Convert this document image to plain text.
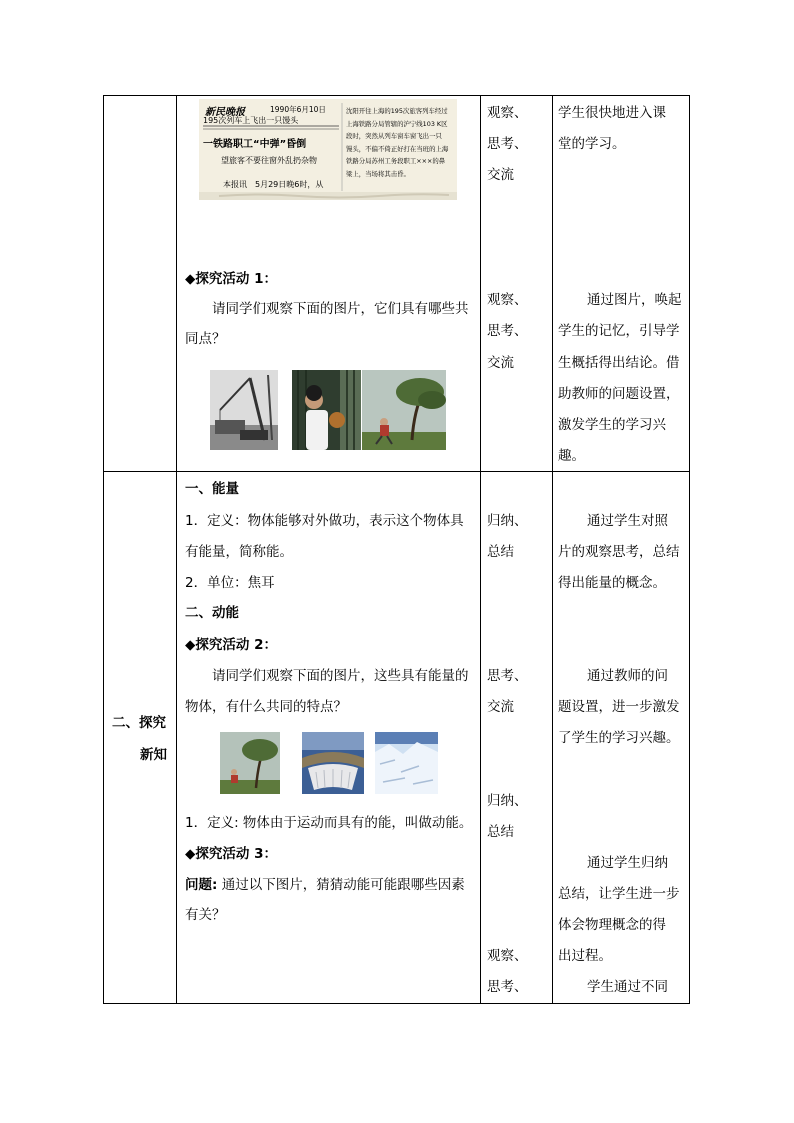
新民晚报	1990年6月10日
195次列车上飞出一只馒头
一铁路职工“中弹”昏倒
望旅客不要往窗外乱扔杂物
本报讯　5月29日晚6时，从
沈阳开往上海的195次旅客列车经过
上海铁路分局管辖的沪宁线103 K区
段时，突然从列车窗车窗飞出一只
馒头，不偏不倚正好打在当班的上海
铁路分局苏州工务段职工×××的鼻
梁上，当场将其击昏。
◆探究活动 1：
请同学们观察下面的图片，它们具有哪些共
同点？
观察、
思考、
交流
观察、
思考、
交流
学生很快地进入课
堂的学习。
通过图片，唤起
学生的记忆，引导学
生概括得出结论。借
助教师的问题设置，
激发学生的学习兴
趣。
二、探究
新知
一、能量
1．定义：物体能够对外做功，表示这个物体具
有能量，简称能。
2．单位：焦耳
二、动能
◆探究活动 2：
请同学们观察下面的图片，这些具有能量的
物体，有什么共同的特点？
1．定义: 物体由于运动而具有的能，叫做动能。
◆探究活动 3：
问题: 通过以下图片，猜猜动能可能跟哪些因素
有关？
归纳、
总结
思考、
交流
归纳、
总结
观察、
思考、
通过学生对照
片的观察思考，总结
得出能量的概念。
通过教师的问
题设置，进一步激发
了学生的学习兴趣。
通过学生归纳
总结，让学生进一步
体会物理概念的得
出过程。
学生通过不同
